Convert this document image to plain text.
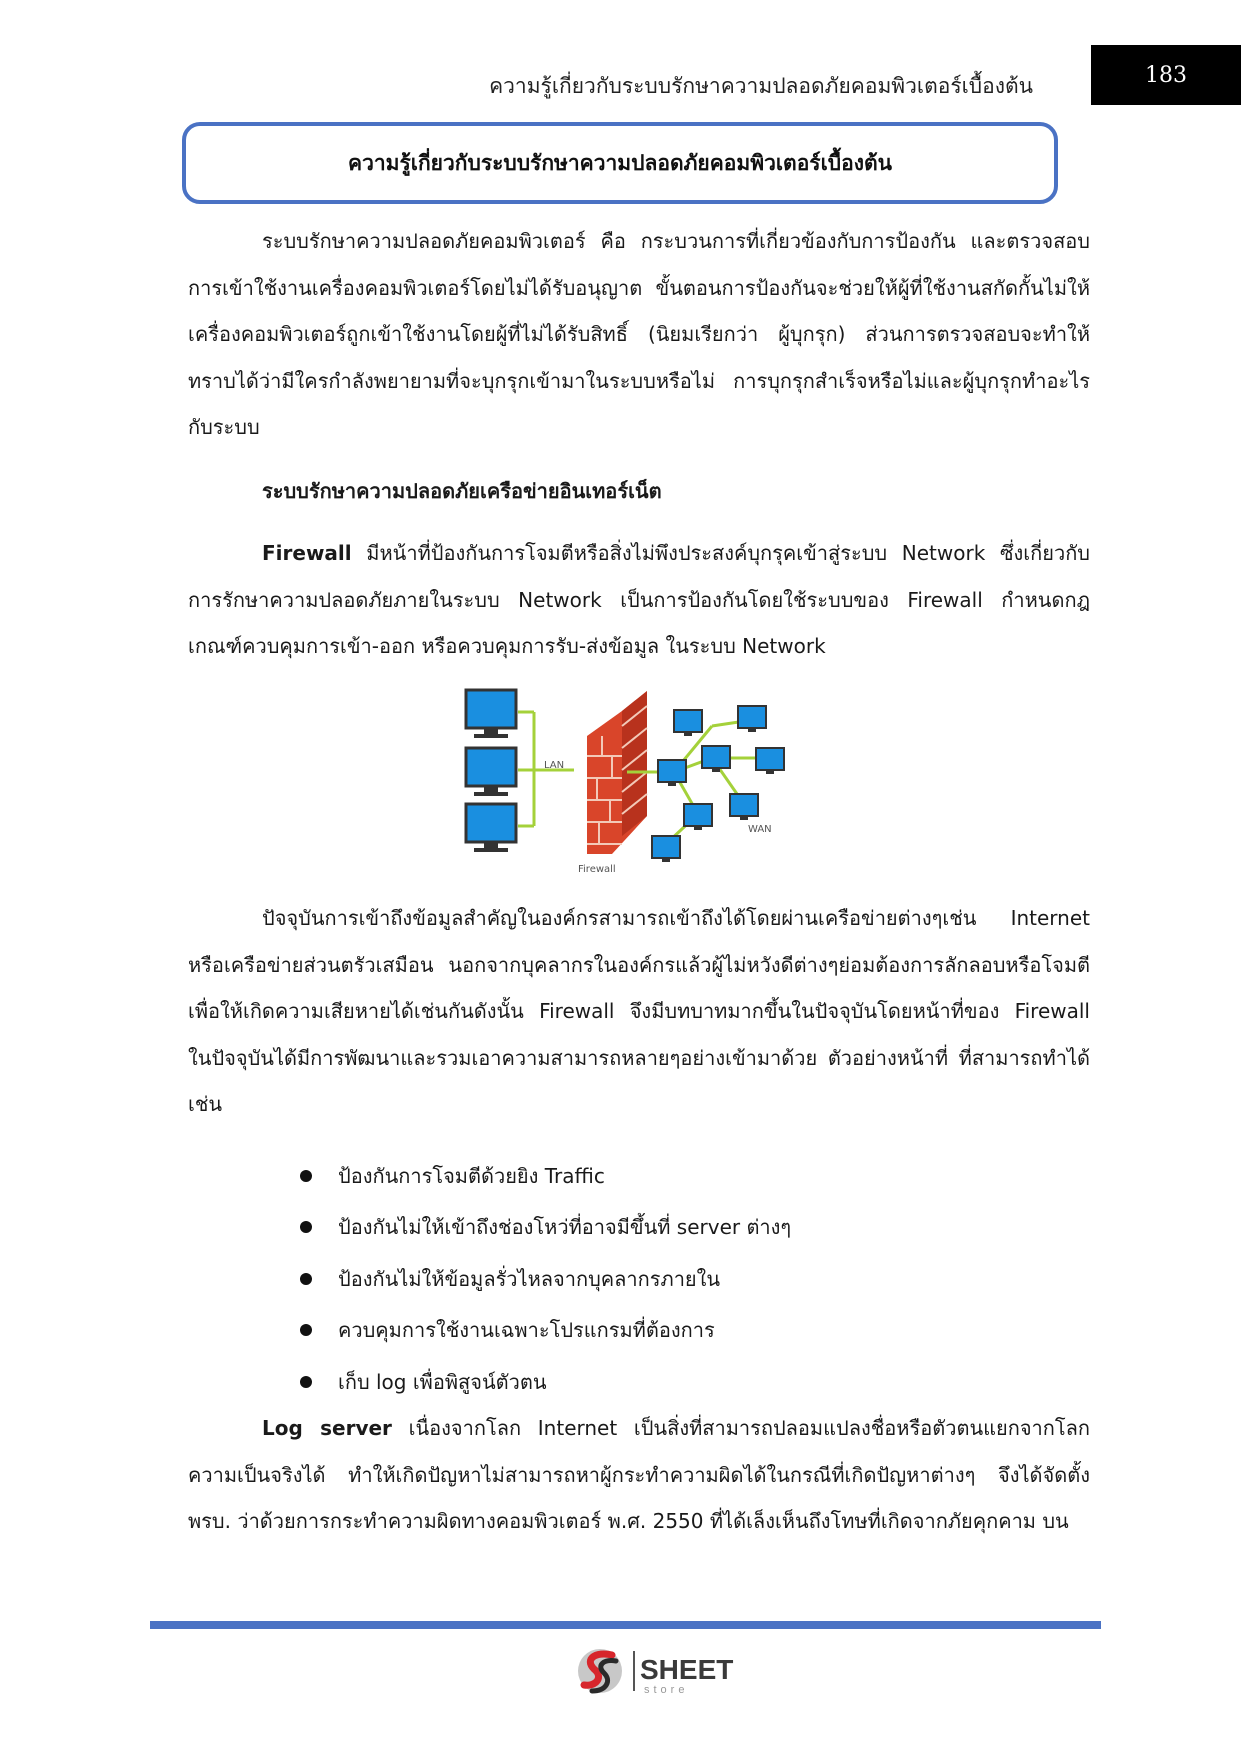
ความรู้เกี่ยวกับระบบรักษาความปลอดภัยคอมพิวเตอร์เบื้องต้น	183
ความรู้เกี่ยวกับระบบรักษาความปลอดภัยคอมพิวเตอร์เบื้องต้น

ระบบรักษาความปลอดภัยคอมพิวเตอร์ คือ กระบวนการที่เกี่ยวข้องกับการป้องกัน และตรวจสอบการเข้าใช้งานเครื่องคอมพิวเตอร์โดยไม่ได้รับอนุญาต ขั้นตอนการป้องกันจะช่วยให้ผู้ที่ใช้งานสกัดกั้นไม่ให้เครื่องคอมพิวเตอร์ถูกเข้าใช้งานโดยผู้ที่ไม่ได้รับสิทธิ์ (นิยมเรียกว่า ผู้บุกรุก) ส่วนการตรวจสอบจะทำให้ทราบได้ว่ามีใครกำลังพยายามที่จะบุกรุกเข้ามาในระบบหรือไม่ การบุกรุกสำเร็จหรือไม่และผู้บุกรุกทำอะไรกับระบบ

ระบบรักษาความปลอดภัยเครือข่ายอินเทอร์เน็ต

Firewall มีหน้าที่ป้องกันการโจมตีหรือสิ่งไม่พึงประสงค์บุกรุคเข้าสู่ระบบ Network ซึ่งเกี่ยวกับการรักษาความปลอดภัยภายในระบบ Network เป็นการป้องกันโดยใช้ระบบของ Firewall กำหนดกฎเกณฑ์ควบคุมการเข้า-ออก หรือควบคุมการรับ-ส่งข้อมูล ในระบบ Network

LAN
Firewall
WAN

ปัจจุบันการเข้าถึงข้อมูลสำคัญในองค์กรสามารถเข้าถึงได้โดยผ่านเครือข่ายต่างๆเช่น Internet หรือเครือข่ายส่วนตรัวเสมือน นอกจากบุคลากรในองค์กรแล้วผู้ไม่หวังดีต่างๆย่อมต้องการลักลอบหรือโจมตีเพื่อให้เกิดความเสียหายได้เช่นกันดังนั้น Firewall จึงมีบทบาทมากขึ้นในปัจจุบันโดยหน้าที่ของ Firewall ในปัจจุบันได้มีการพัฒนาและรวมเอาความสามารถหลายๆอย่างเข้ามาด้วย ตัวอย่างหน้าที่ ที่สามารถทำได้เช่น

ป้องกันการโจมตีด้วยยิง Traffic
ป้องกันไม่ให้เข้าถึงช่องโหว่ที่อาจมีขึ้นที่ server ต่างๆ
ป้องกันไม่ให้ข้อมูลรั่วไหลจากบุคลากรภายใน
ควบคุมการใช้งานเฉพาะโปรแกรมที่ต้องการ
เก็บ log เพื่อพิสูจน์ตัวตน

Log server เนื่องจากโลก Internet เป็นสิ่งที่สามารถปลอมแปลงชื่อหรือตัวตนแยกจากโลกความเป็นจริงได้ ทำให้เกิดปัญหาไม่สามารถหาผู้กระทำความผิดได้ในกรณีที่เกิดปัญหาต่างๆ จึงได้จัดตั้ง พรบ. ว่าด้วยการกระทำความผิดทางคอมพิวเตอร์ พ.ศ. 2550 ที่ได้เล็งเห็นถึงโทษที่เกิดจากภัยคุกคาม บน

SHEET
store
